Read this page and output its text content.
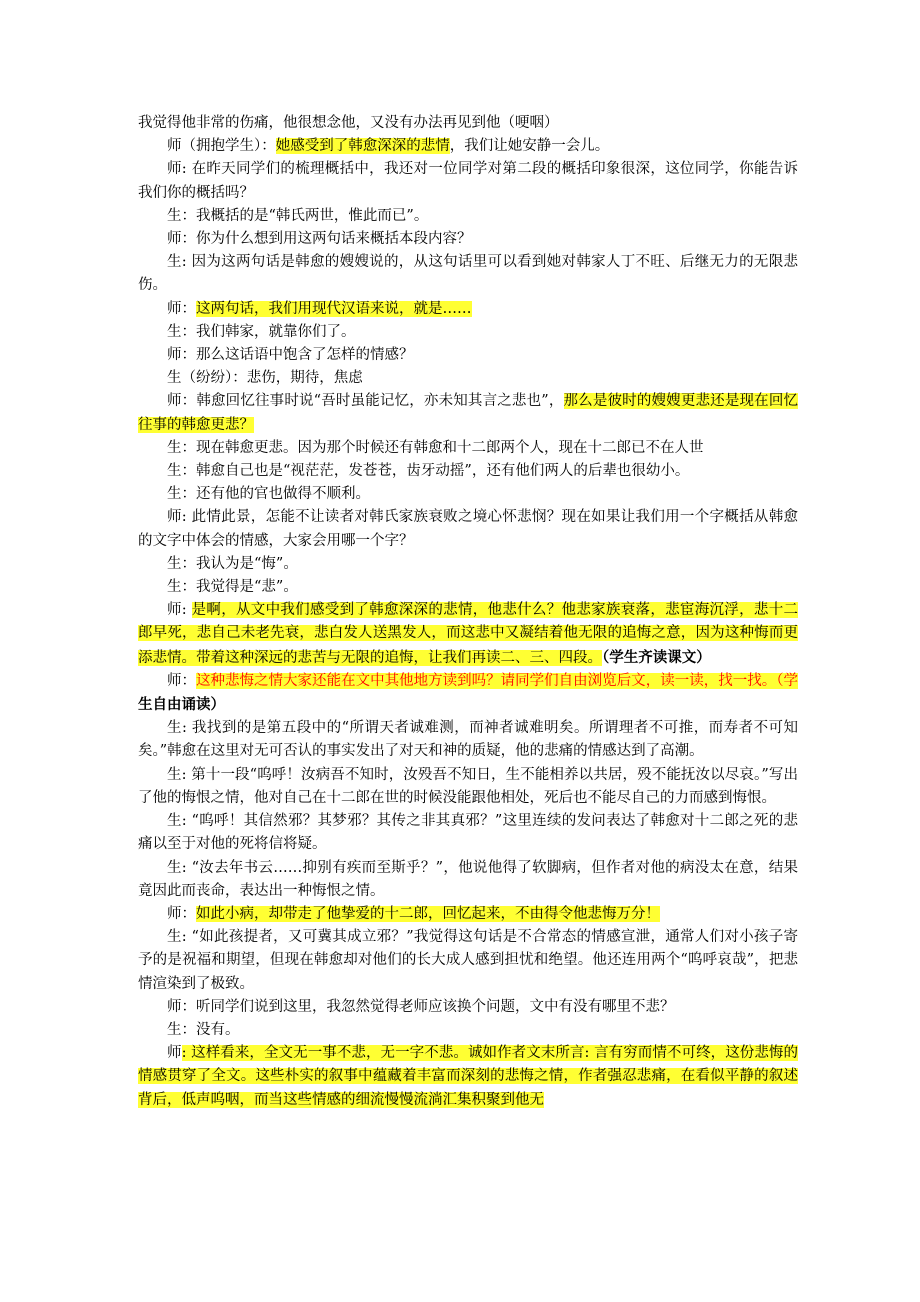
我觉得他非常的伤痛，他很想念他，又没有办法再见到他（哽咽）

师（拥抱学生）：她感受到了韩愈深深的悲情，我们让她安静一会儿。

师: 在昨天同学们的梳理概括中，我还对一位同学对第二段的概括印象很深，这位同学，你能告诉我们你的概括吗？

生：我概括的是“韩氏两世，惟此而已”。

师：你为什么想到用这两句话来概括本段内容？

生: 因为这两句话是韩愈的嫂嫂说的，从这句话里可以看到她对韩家人丁不旺、后继无力的无限悲伤。

师：这两句话，我们用现代汉语来说，就是……

生：我们韩家，就靠你们了。

师：那么这话语中饱含了怎样的情感？

生（纷纷）：悲伤，期待，焦虑

师：韩愈回忆往事时说“吾时虽能记忆，亦未知其言之悲也”，那么是彼时的嫂嫂更悲还是现在回忆往事的韩愈更悲？

生：现在韩愈更悲。因为那个时候还有韩愈和十二郎两个人，现在十二郎已不在人世

生：韩愈自己也是“视茫茫，发苍苍，齿牙动摇”，还有他们两人的后辈也很幼小。

生：还有他的官也做得不顺利。

师: 此情此景，怎能不让读者对韩氏家族衰败之境心怀悲悯？现在如果让我们用一个字概括从韩愈的文字中体会的情感，大家会用哪一个字？

生：我认为是“悔”。

生：我觉得是“悲”。

师: 是啊，从文中我们感受到了韩愈深深的悲情，他悲什么？他悲家族衰落，悲宦海沉浮，悲十二郎早死，悲自己未老先衰，悲白发人送黑发人，而这悲中又凝结着他无限的追悔之意，因为这种悔而更添悲情。带着这种深远的悲苦与无限的追悔，让我们再读二、三、四段。（学生齐读课文）

师：这种悲悔之情大家还能在文中其他地方读到吗？请同学们自由浏览后文，读一读，找一找。（学生自由诵读）

生: 我找到的是第五段中的“所谓天者诚难测，而神者诚难明矣。所谓理者不可推，而寿者不可知矣。”韩愈在这里对无可否认的事实发出了对天和神的质疑，他的悲痛的情感达到了高潮。

生: 第十一段“呜呼！汝病吾不知时，汝殁吾不知日，生不能相养以共居，殁不能抚汝以尽哀。”写出了他的悔恨之情，他对自己在十二郎在世的时候没能跟他相处，死后也不能尽自己的力而感到悔恨。

生: “呜呼！其信然邪？其梦邪？其传之非其真邪？”这里连续的发问表达了韩愈对十二郎之死的悲痛以至于对他的死将信将疑。

生: “汝去年书云……抑别有疾而至斯乎？”，他说他得了软脚病，但作者对他的病没太在意，结果竟因此而丧命，表达出一种悔恨之情。

师：如此小病，却带走了他挚爱的十二郎，回忆起来，不由得令他悲悔万分！

生: “如此孩提者，又可冀其成立邪？”我觉得这句话是不合常态的情感宣泄，通常人们对小孩子寄予的是祝福和期望，但现在韩愈却对他们的长大成人感到担忧和绝望。他还连用两个“呜呼哀哉”，把悲情渲染到了极致。

师：听同学们说到这里，我忽然觉得老师应该换个问题，文中有没有哪里不悲？

生：没有。

师: 这样看来，全文无一事不悲，无一字不悲。诚如作者文末所言: 言有穷而情不可终，这份悲悔的情感贯穿了全文。这些朴实的叙事中蕴藏着丰富而深刻的悲悔之情，作者强忍悲痛，在看似平静的叙述背后，低声呜咽，而当这些情感的细流慢慢流淌汇集积聚到他无
